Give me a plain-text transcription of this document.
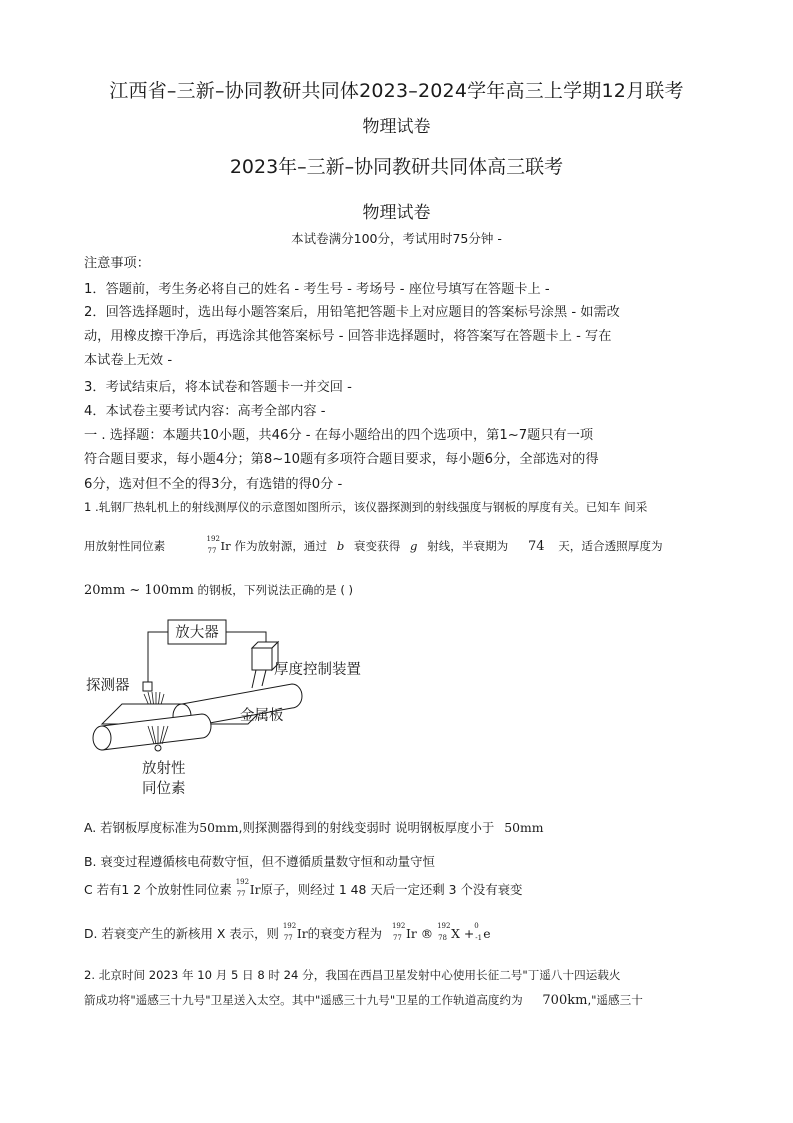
江西省–三新–协同教研共同体2023–2024学年高三上学期12月联考
物理试卷
2023年–三新–协同教研共同体高三联考
物理试卷
本试卷满分100分，考试用时75分钟 -
注意事项：
1．答题前，考生务必将自己的姓名 - 考生号 - 考场号 - 座位号填写在答题卡上 -
2．回答选择题时，选出每小题答案后，用铅笔把答题卡上对应题目的答案标号涂黑 - 如需改
动，用橡皮擦干净后，再选涂其他答案标号 - 回答非选择题时，将答案写在答题卡上 - 写在
本试卷上无效 -
3．考试结束后，将本试卷和答题卡一并交回 -
4．本试卷主要考试内容：高考全部内容 -
一 . 选择题：本题共10小题，共46分 - 在每小题给出的四个选项中，第1~7题只有一项
符合题目要求，每小题4分；第8~10题有多项符合题目要求，每小题6分，全部选对的得
6分，选对但不全的得3分，有选错的得0分 -
1 .轧钢厂热轧机上的射线测厚仪的示意图如图所示，该仪器探测到的射线强度与钢板的厚度有关。已知车 间采
用放射性同位素	192
77 Ir 作为放射源，通过 b 衰变获得 g 射线，半衰期为 74 天，适合透照厚度为
20mm ~ 100mm 的钢板，下列说法正确的是 ( )
放大器
厚度控制装置
探测器
金属板
放射性
同位素
A. 若钢板厚度标准为50mm,则探测器得到的射线变弱时 说明钢板厚度小于 50mm
B. 衰变过程遵循核电荷数守恒，但不遵循质量数守恒和动量守恒
C 若有1 2 个放射性同位素 192
77 Ir原子，则经过 1 48 天后一定还剩 3 个没有衰变
D. 若衰变产生的新核用 X 表示，则 192
77 Ir的衰变方程为 192
77 Ir ® 192
78 X + 0
-1 e
2. 北京时间 2023 年 10 月 5 日 8 时 24 分，我国在西昌卫星发射中心使用长征二号"丁遥八十四运载火
箭成功将"遥感三十九号"卫星送入太空。其中"遥感三十九号"卫星的工作轨道高度约为 700km,"遥感三十
